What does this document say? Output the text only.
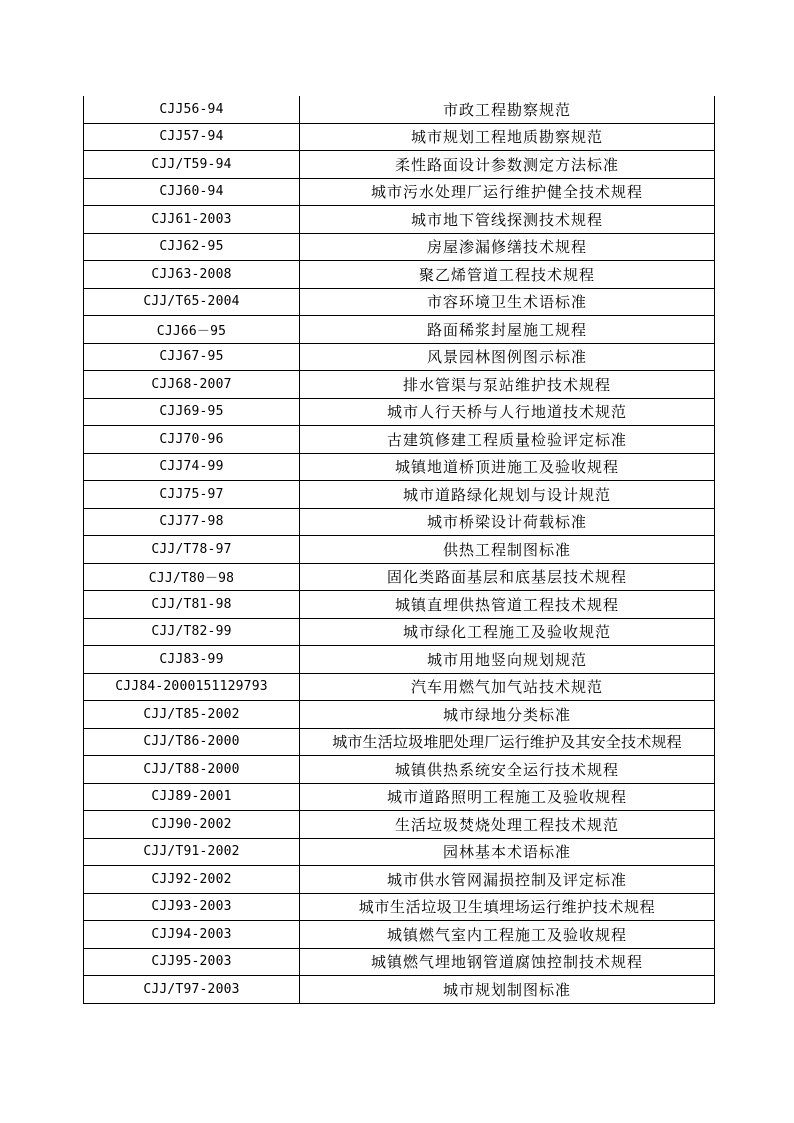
CJJ56-94	市政工程勘察规范
CJJ57-94	城市规划工程地质勘察规范
CJJ/T59-94	柔性路面设计参数测定方法标准
CJJ60-94	城市污水处理厂运行维护健全技术规程
CJJ61-2003	城市地下管线探测技术规程
CJJ62-95	房屋渗漏修缮技术规程
CJJ63-2008	聚乙烯管道工程技术规程
CJJ/T65-2004	市容环境卫生术语标准
CJJ66－95	路面稀浆封屋施工规程
CJJ67-95	风景园林图例图示标准
CJJ68-2007	排水管渠与泵站维护技术规程
CJJ69-95	城市人行天桥与人行地道技术规范
CJJ70-96	古建筑修建工程质量检验评定标准
CJJ74-99	城镇地道桥顶进施工及验收规程
CJJ75-97	城市道路绿化规划与设计规范
CJJ77-98	城市桥梁设计荷载标准
CJJ/T78-97	供热工程制图标准
CJJ/T80－98	固化类路面基层和底基层技术规程
CJJ/T81-98	城镇直埋供热管道工程技术规程
CJJ/T82-99	城市绿化工程施工及验收规范
CJJ83-99	城市用地竖向规划规范
CJJ84-2000151129793	汽车用燃气加气站技术规范
CJJ/T85-2002	城市绿地分类标准
CJJ/T86-2000	城市生活垃圾堆肥处理厂运行维护及其安全技术规程
CJJ/T88-2000	城镇供热系统安全运行技术规程
CJJ89-2001	城市道路照明工程施工及验收规程
CJJ90-2002	生活垃圾焚烧处理工程技术规范
CJJ/T91-2002	园林基本术语标准
CJJ92-2002	城市供水管网漏损控制及评定标准
CJJ93-2003	城市生活垃圾卫生填埋场运行维护技术规程
CJJ94-2003	城镇燃气室内工程施工及验收规程
CJJ95-2003	城镇燃气埋地钢管道腐蚀控制技术规程
CJJ/T97-2003	城市规划制图标准
